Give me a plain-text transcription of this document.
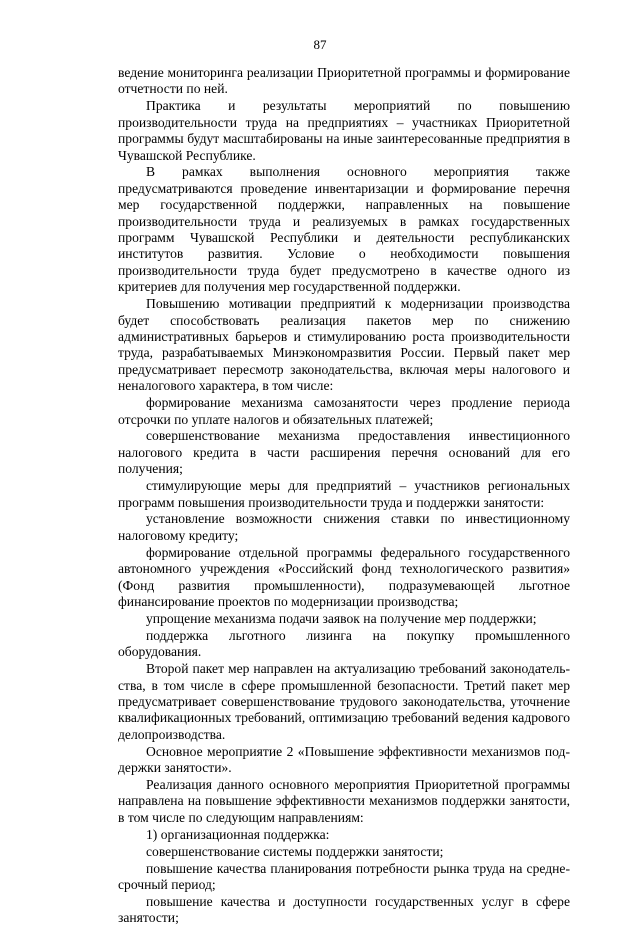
87

ведение мониторинга реализации Приоритетной программы и формирование отчетности по ней.

Практика и результаты мероприятий по повышению производительности труда на предприятиях – участниках Приоритетной программы будут масштабированы на иные заинтересованные предприятия в Чувашской Республике.

В рамках выполнения основного мероприятия также предусматриваются проведение инвентаризации и формирование перечня мер государственной поддержки, направленных на повышение производительности труда и реализуемых в рамках государственных программ Чувашской Республики и деятельности республиканских институтов развития. Условие о необходимости повышения производительности труда будет предусмотрено в качестве одного из критериев для получения мер государственной поддержки.

Повышению мотивации предприятий к модернизации производства будет способствовать реализация пакетов мер по снижению административных барьеров и стимулированию роста производительности труда, разрабатываемых Минэкономразвития России. Первый пакет мер предусматривает пересмотр законодательства, включая меры налогового и неналогового характера, в том числе:

формирование механизма самозанятости через продление периода отсрочки по уплате налогов и обязательных платежей;

совершенствование механизма предоставления инвестиционного налогового кредита в части расширения перечня оснований для его получения;

стимулирующие меры для предприятий – участников региональных программ повышения производительности труда и поддержки занятости:

установление возможности снижения ставки по инвестиционному налоговому кредиту;

формирование отдельной программы федерального государственного автономного учреждения «Российский фонд технологического развития» (Фонд развития промышленности), подразумевающей льготное финансирование проектов по модернизации производства;

упрощение механизма подачи заявок на получение мер поддержки;

поддержка льготного лизинга на покупку промышленного оборудования.

Второй пакет мер направлен на актуализацию требований законодательства, в том числе в сфере промышленной безопасности. Третий пакет мер предусматривает совершенствование трудового законодательства, уточнение квалификационных требований, оптимизацию требований ведения кадрового делопроизводства.

Основное мероприятие 2 «Повышение эффективности механизмов поддержки занятости».

Реализация данного основного мероприятия Приоритетной программы направлена на повышение эффективности механизмов поддержки занятости, в том числе по следующим направлениям:

1) организационная поддержка:

совершенствование системы поддержки занятости;

повышение качества планирования потребности рынка труда на среднесрочный период;

повышение качества и доступности государственных услуг в сфере занятости;
